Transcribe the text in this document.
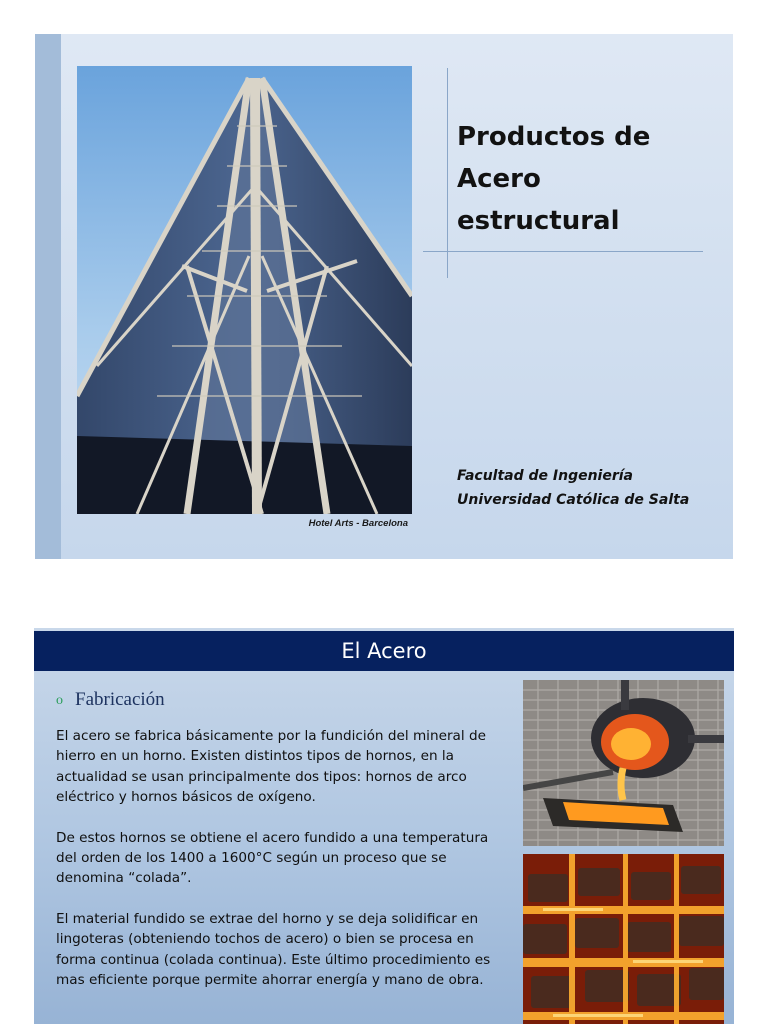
Hotel Arts - Barcelona
Productos de
Acero
estructural
Facultad de Ingeniería
Universidad Católica de Salta
El Acero
o Fabricación

El acero se fabrica básicamente por la fundición del mineral de hierro en un horno. Existen distintos tipos de hornos, en la actualidad se usan principalmente dos tipos: hornos de arco eléctrico y hornos básicos de oxígeno.

De estos hornos se obtiene el acero fundido a una temperatura del orden de los 1400 a 1600°C según un proceso que se denomina “colada”.

El material fundido se extrae del horno y se deja solidificar en lingoteras (obteniendo tochos de acero) o bien se procesa en forma continua (colada continua). Este último procedimiento es mas eficiente porque permite ahorrar energía y mano de obra.
